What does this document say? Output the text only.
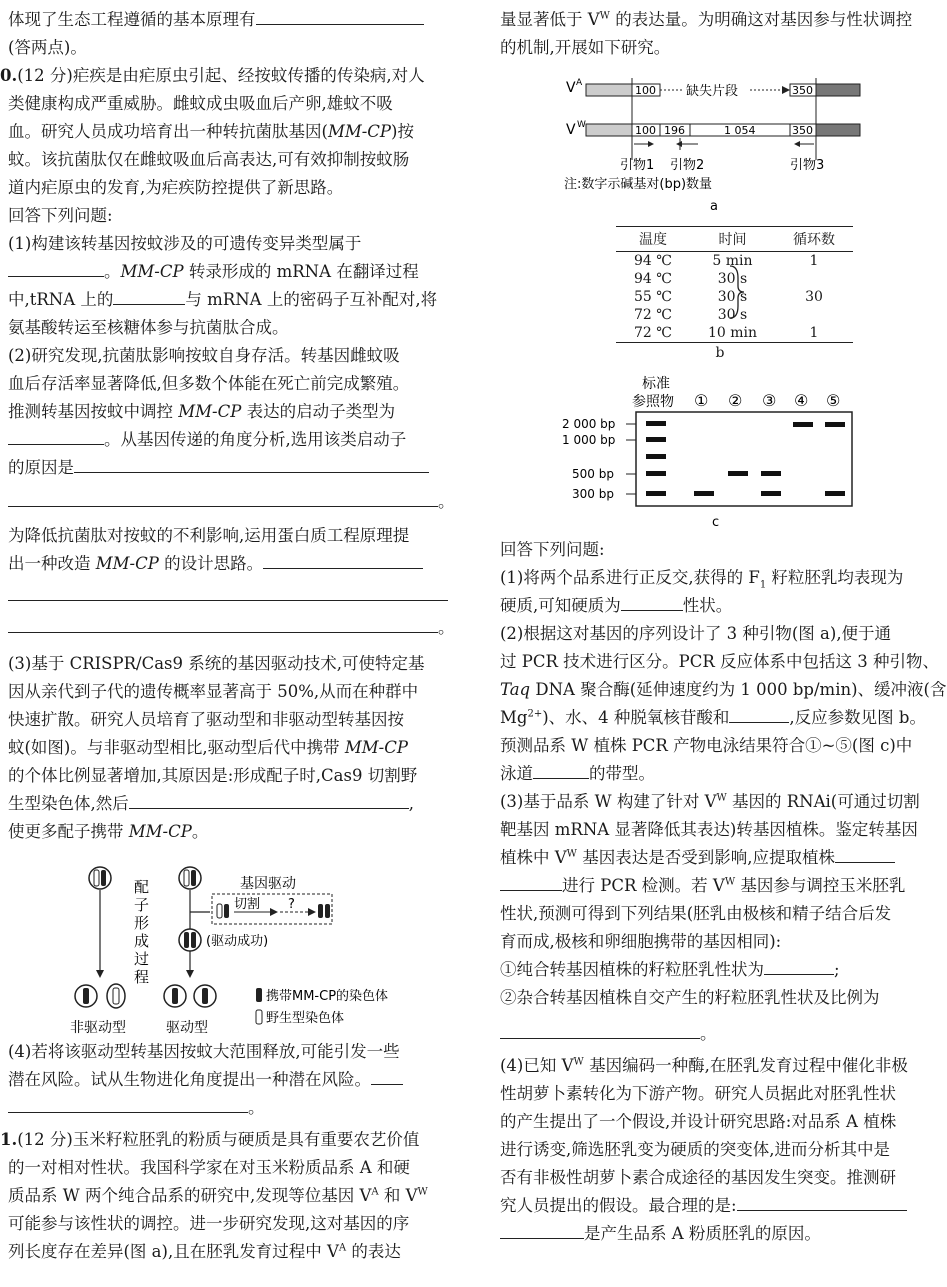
体现了生态工程遵循的基本原理有
(答两点)。
0.(12 分)疟疾是由疟原虫引起、经按蚊传播的传染病,对人
类健康构成严重威胁。雌蚊成虫吸血后产卵,雄蚊不吸
血。研究人员成功培育出一种转抗菌肽基因(MM-CP)按
蚊。该抗菌肽仅在雌蚊吸血后高表达,可有效抑制按蚊肠
道内疟原虫的发育,为疟疾防控提供了新思路。
回答下列问题:
(1)构建该转基因按蚊涉及的可遗传变异类型属于
。MM-CP 转录形成的 mRNA 在翻译过程
中,tRNA 上的	与 mRNA 上的密码子互补配对,将
氨基酸转运至核糖体参与抗菌肽合成。
(2)研究发现,抗菌肽影响按蚊自身存活。转基因雌蚊吸
血后存活率显著降低,但多数个体能在死亡前完成繁殖。
推测转基因按蚊中调控 MM-CP 表达的启动子类型为
。从基因传递的角度分析,选用该类启动子
的原因是
。
为降低抗菌肽对按蚊的不利影响,运用蛋白质工程原理提
出一种改造 MM-CP 的设计思路。
。
(3)基于 CRISPR/Cas9 系统的基因驱动技术,可使特定基
因从亲代到子代的遗传概率显著高于 50%,从而在种群中
快速扩散。研究人员培育了驱动型和非驱动型转基因按
蚊(如图)。与非驱动型相比,驱动型后代中携带 MM-CP
的个体比例显著增加,其原因是:形成配子时,Cas9 切割野
生型染色体,然后	,
使更多配子携带 MM-CP。
配
子
形
成
过
程
基因驱动
切割 ?
(驱动成功)
非驱动型	驱动型
携带MM-CP的染色体
野生型染色体
(4)若将该驱动型转基因按蚊大范围释放,可能引发一些
潜在风险。试从生物进化角度提出一种潜在风险。
。
1.(12 分)玉米籽粒胚乳的粉质与硬质是具有重要农艺价值
的一对相对性状。我国科学家在对玉米粉质品系 A 和硬
质品系 W 两个纯合品系的研究中,发现等位基因 $V^A$ 和 $V^W$
可能参与该性状的调控。进一步研究发现,这对基因的序
列长度存在差异(图 a),且在胚乳发育过程中 $V^A$ 的表达
量显著低于 $V^W$ 的表达量。为明确这对基因参与性状调控
的机制,开展如下研究。
V A
100 缺失片段	350
V W	100 196	1 054	350
引物1 引物2	引物3
注:数字示碱基对(bp)数量
a
温度	时间	循环数
94 ℃	5 min	1
94 ℃	30 s	
55 ℃	30 s	30
72 ℃	30 s	
72 ℃	10 min	1
b
标准
参照物 ① ② ③ ④ ⑤
2 000 bp
1 000 bp
500 bp
300 bp
c
回答下列问题:
(1)将两个品系进行正反交,获得的 $F_1$ 籽粒胚乳均表现为
硬质,可知硬质为	性状。
(2)根据这对基因的序列设计了 3 种引物(图 a),便于通
过 PCR 技术进行区分。PCR 反应体系中包括这 3 种引物、
Taq DNA 聚合酶(延伸速度约为 1 000 bp/min)、缓冲液(含
$Mg^{2+}$)、水、4 种脱氧核苷酸和	,反应参数见图 b。
预测品系 W 植株 PCR 产物电泳结果符合①~⑤(图 c)中
泳道	的带型。
(3)基于品系 W 构建了针对 $V^W$ 基因的 RNAi(可通过切割
靶基因 mRNA 显著降低其表达)转基因植株。鉴定转基因
植株中 $V^W$ 基因表达是否受到影响,应提取植株
进行 PCR 检测。若 $V^W$ 基因参与调控玉米胚乳
性状,预测可得到下列结果(胚乳由极核和精子结合后发
育而成,极核和卵细胞携带的基因相同):
①纯合转基因植株的籽粒胚乳性状为	;
②杂合转基因植株自交产生的籽粒胚乳性状及比例为
。
(4)已知 $V^W$ 基因编码一种酶,在胚乳发育过程中催化非极
性胡萝卜素转化为下游产物。研究人员据此对胚乳性状
的产生提出了一个假设,并设计研究思路:对品系 A 植株
进行诱变,筛选胚乳变为硬质的突变体,进而分析其中是
否有非极性胡萝卜素合成途径的基因发生突变。推测研
究人员提出的假设。最合理的是:
是产生品系 A 粉质胚乳的原因。
